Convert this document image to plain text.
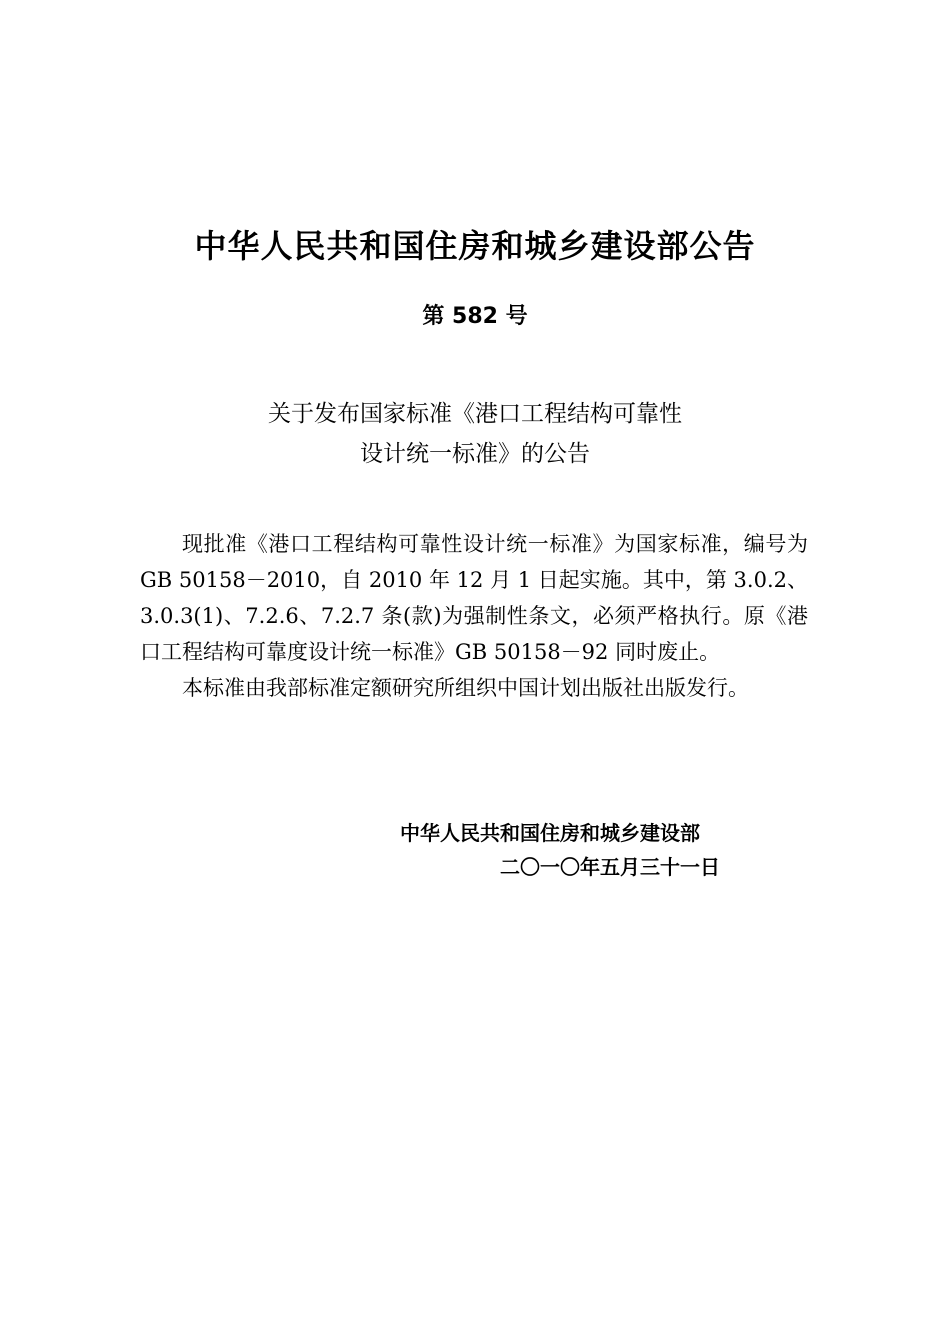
中华人民共和国住房和城乡建设部公告
第 582 号
关于发布国家标准《港口工程结构可靠性
设计统一标准》的公告

现批准《港口工程结构可靠性设计统一标准》为国家标准，编号为 GB 50158－2010，自 2010 年 12 月 1 日起实施。其中，第 3.0.2、3.0.3(1)、7.2.6、7.2.7 条(款)为强制性条文，必须严格执行。原《港口工程结构可靠度设计统一标准》GB 50158－92 同时废止。

本标准由我部标准定额研究所组织中国计划出版社出版发行。

中华人民共和国住房和城乡建设部
二〇一〇年五月三十一日
